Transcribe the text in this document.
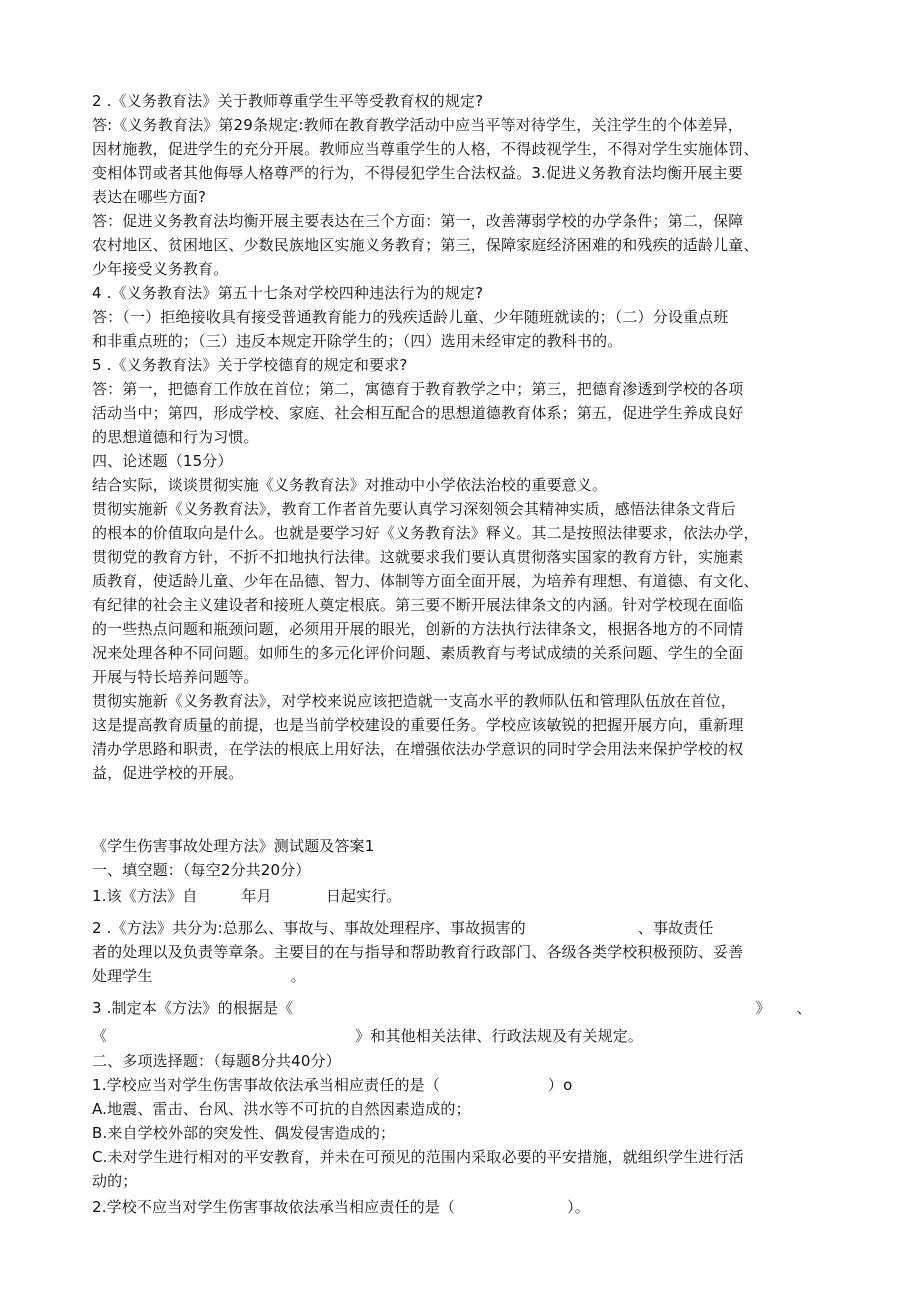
2 .《义务教育法》关于教师尊重学生平等受教育权的规定?
答:《义务教育法》第29条规定:教师在教育教学活动中应当平等对待学生，关注学生的个体差异，
因材施教，促进学生的充分开展。教师应当尊重学生的人格，不得歧视学生，不得对学生实施体罚、
变相体罚或者其他侮辱人格尊严的行为，不得侵犯学生合法权益。3.促进义务教育法均衡开展主要
表达在哪些方面?
答：促进义务教育法均衡开展主要表达在三个方面：第一，改善薄弱学校的办学条件；第二，保障
农村地区、贫困地区、少数民族地区实施义务教育；第三，保障家庭经济困难的和残疾的适龄儿童、
少年接受义务教育。
4 .《义务教育法》第五十七条对学校四种违法行为的规定?
答：（一）拒绝接收具有接受普通教育能力的残疾适龄儿童、少年随班就读的；（二）分设重点班
和非重点班的；（三）违反本规定开除学生的；（四）选用未经审定的教科书的。
5 .《义务教育法》关于学校德育的规定和要求?
答：第一，把德育工作放在首位；第二，寓德育于教育教学之中；第三，把德育渗透到学校的各项
活动当中；第四，形成学校、家庭、社会相互配合的思想道德教育体系；第五，促进学生养成良好
的思想道德和行为习惯。
四、论述题（15分）
结合实际，谈谈贯彻实施《义务教育法》对推动中小学依法治校的重要意义。
贯彻实施新《义务教育法》，教育工作者首先要认真学习深刻领会其精神实质，感悟法律条文背后
的根本的价值取向是什么。也就是要学习好《义务教育法》释义。其二是按照法律要求，依法办学，
贯彻党的教育方针，不折不扣地执行法律。这就要求我们要认真贯彻落实国家的教育方针，实施素
质教育，使适龄儿童、少年在品德、智力、体制等方面全面开展，为培养有理想、有道德、有文化、
有纪律的社会主义建设者和接班人奠定根底。第三要不断开展法律条文的内涵。针对学校现在面临
的一些热点问题和瓶颈问题，必须用开展的眼光，创新的方法执行法律条文，根据各地方的不同情
况来处理各种不同问题。如师生的多元化评价问题、素质教育与考试成绩的关系问题、学生的全面
开展与特长培养问题等。
贯彻实施新《义务教育法》，对学校来说应该把造就一支高水平的教师队伍和管理队伍放在首位，
这是提高教育质量的前提，也是当前学校建设的重要任务。学校应该敏锐的把握开展方向，重新理
清办学思路和职责，在学法的根底上用好法，在增强依法办学意识的同时学会用法来保护学校的权
益，促进学校的开展。
《学生伤害事故处理方法》测试题及答案1
一、填空题：（每空2分共20分）
1.该《方法》自	年月	日起实行。
2 .《方法》共分为:总那么、事故与、事故处理程序、事故损害的	、事故责任
者的处理以及负责等章条。主要目的在与指导和帮助教育行政部门、各级各类学校积极预防、妥善
处理学生	。
3 .制定本《方法》的根据是《	》 、
《	》和其他相关法律、行政法规及有关规定。
二、多项选择题：（每题8分共40分）
1.学校应当对学生伤害事故依法承当相应责任的是（	）o
A.地震、雷击、台风、洪水等不可抗的自然因素造成的；
B.来自学校外部的突发性、偶发侵害造成的；
C.未对学生进行相对的平安教育，并未在可预见的范围内采取必要的平安措施，就组织学生进行活
动的；
2.学校不应当对学生伤害事故依法承当相应责任的是（	）。
